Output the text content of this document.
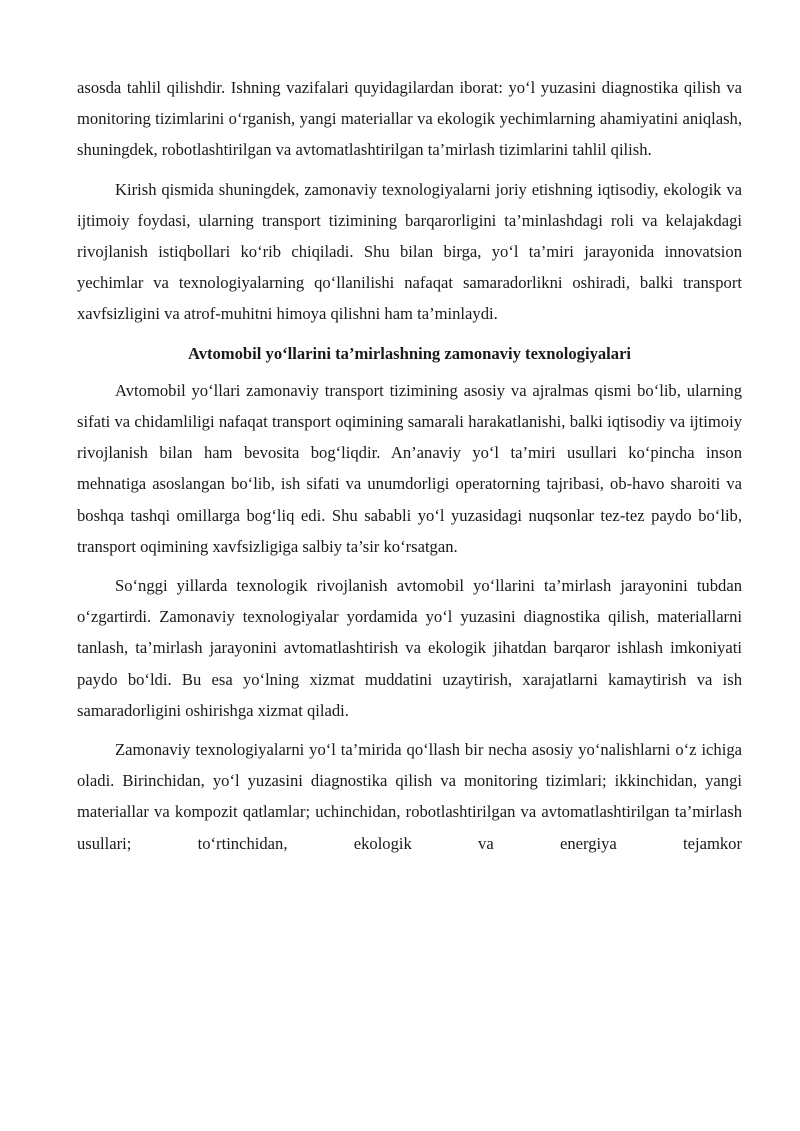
asosda tahlil qilishdir. Ishning vazifalari quyidagilardan iborat: yo‘l yuzasini diagnostika qilish va monitoring tizimlarini o‘rganish, yangi materiallar va ekologik yechimlarning ahamiyatini aniqlash, shuningdek, robotlashtirilgan va avtomatlashtirilgan ta’mirlash tizimlarini tahlil qilish.

Kirish qismida shuningdek, zamonaviy texnologiyalarni joriy etishning iqtisodiy, ekologik va ijtimoiy foydasi, ularning transport tizimining barqarorligini ta’minlashdagi roli va kelajakdagi rivojlanish istiqbollari ko‘rib chiqiladi. Shu bilan birga, yo‘l ta’miri jarayonida innovatsion yechimlar va texnologiyalarning qo‘llanilishi nafaqat samaradorlikni oshiradi, balki transport xavfsizligini va atrof-muhitni himoya qilishni ham ta’minlaydi.

Avtomobil yo‘llarini ta’mirlashning zamonaviy texnologiyalari

Avtomobil yo‘llari zamonaviy transport tizimining asosiy va ajralmas qismi bo‘lib, ularning sifati va chidamliligi nafaqat transport oqimining samarali harakatlanishi, balki iqtisodiy va ijtimoiy rivojlanish bilan ham bevosita bog‘liqdir. An’anaviy yo‘l ta’miri usullari ko‘pincha inson mehnatiga asoslangan bo‘lib, ish sifati va unumdorligi operatorning tajribasi, ob-havo sharoiti va boshqa tashqi omillarga bog‘liq edi. Shu sababli yo‘l yuzasidagi nuqsonlar tez-tez paydo bo‘lib, transport oqimining xavfsizligiga salbiy ta’sir ko‘rsatgan.

So‘nggi yillarda texnologik rivojlanish avtomobil yo‘llarini ta’mirlash jarayonini tubdan o‘zgartirdi. Zamonaviy texnologiyalar yordamida yo‘l yuzasini diagnostika qilish, materiallarni tanlash, ta’mirlash jarayonini avtomatlashtirish va ekologik jihatdan barqaror ishlash imkoniyati paydo bo‘ldi. Bu esa yo‘lning xizmat muddatini uzaytirish, xarajatlarni kamaytirish va ish samaradorligini oshirishga xizmat qiladi.

Zamonaviy texnologiyalarni yo‘l ta’mirida qo‘llash bir necha asosiy yo‘nalishlarni o‘z ichiga oladi. Birinchidan, yo‘l yuzasini diagnostika qilish va monitoring tizimlari; ikkinchidan, yangi materiallar va kompozit qatlamlar; uchinchidan, robotlashtirilgan va avtomatlashtirilgan ta’mirlash usullari; to‘rtinchidan, ekologik va energiya tejamkor
